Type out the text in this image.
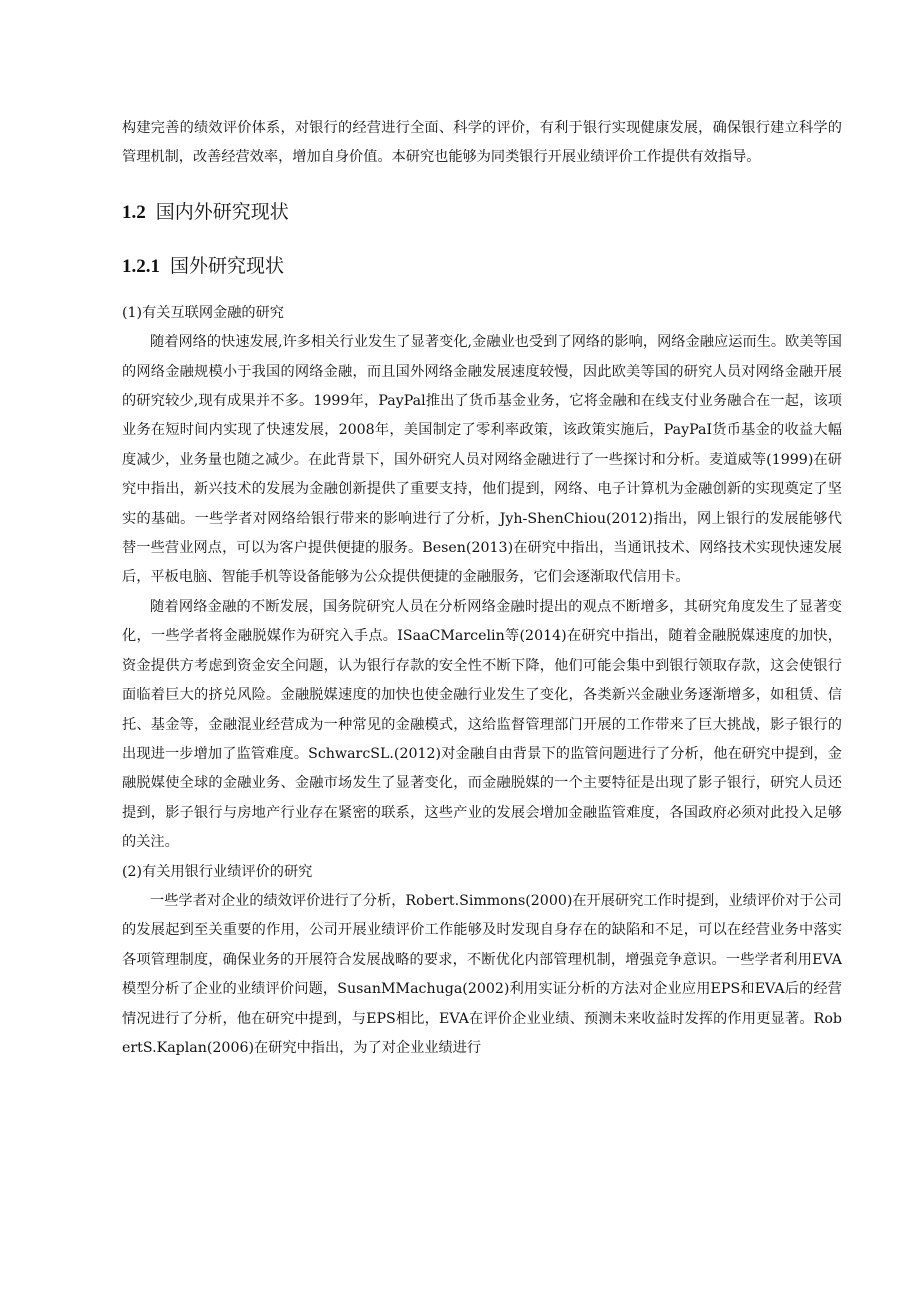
构建完善的绩效评价体系，对银行的经营进行全面、科学的评价，有利于银行实现健康发展，确保银行建立科学的管理机制，改善经营效率，增加自身价值。本研究也能够为同类银行开展业绩评价工作提供有效指导。

1.2 国内外研究现状
1.2.1 国外研究现状

(1)有关互联网金融的研究

随着网络的快速发展,许多相关行业发生了显著变化,金融业也受到了网络的影响，网络金融应运而生。欧美等国的网络金融规模小于我国的网络金融，而且国外网络金融发展速度较慢，因此欧美等国的研究人员对网络金融开展的研究较少,现有成果并不多。1999年，PayPal推出了货币基金业务，它将金融和在线支付业务融合在一起，该项业务在短时间内实现了快速发展，2008年，美国制定了零利率政策，该政策实施后，PayPaI货币基金的收益大幅度减少，业务量也随之减少。在此背景下，国外研究人员对网络金融进行了一些探讨和分析。麦道威等(1999)在研究中指出，新兴技术的发展为金融创新提供了重要支持，他们提到，网络、电子计算机为金融创新的实现奠定了坚实的基础。一些学者对网络给银行带来的影响进行了分析，Jyh-ShenChiou(2012)指出，网上银行的发展能够代替一些营业网点，可以为客户提供便捷的服务。Besen(2013)在研究中指出，当通讯技术、网络技术实现快速发展后，平板电脑、智能手机等设备能够为公众提供便捷的金融服务，它们会逐渐取代信用卡。

随着网络金融的不断发展，国务院研究人员在分析网络金融时提出的观点不断增多，其研究角度发生了显著变化，一些学者将金融脱媒作为研究入手点。ISaaCMarcelin等(2014)在研究中指出，随着金融脱媒速度的加快，资金提供方考虑到资金安全问题，认为银行存款的安全性不断下降，他们可能会集中到银行领取存款，这会使银行面临着巨大的挤兑风险。金融脱媒速度的加快也使金融行业发生了变化，各类新兴金融业务逐渐增多，如租赁、信托、基金等，金融混业经营成为一种常见的金融模式，这给监督管理部门开展的工作带来了巨大挑战，影子银行的出现进一步增加了监管难度。SchwarcSL.(2012)对金融自由背景下的监管问题进行了分析，他在研究中提到，金融脱媒使全球的金融业务、金融市场发生了显著变化，而金融脱媒的一个主要特征是出现了影子银行，研究人员还提到，影子银行与房地产行业存在紧密的联系，这些产业的发展会增加金融监管难度，各国政府必须对此投入足够的关注。

(2)有关用银行业绩评价的研究

一些学者对企业的绩效评价进行了分析，Robert.Simmons(2000)在开展研究工作时提到，业绩评价对于公司的发展起到至关重要的作用，公司开展业绩评价工作能够及时发现自身存在的缺陷和不足，可以在经营业务中落实各项管理制度，确保业务的开展符合发展战略的要求，不断优化内部管理机制，增强竞争意识。一些学者利用EVA模型分析了企业的业绩评价问题，SusanMMachuga(2002)利用实证分析的方法对企业应用EPS和EVA后的经营情况进行了分析，他在研究中提到，与EPS相比，EVA在评价企业业绩、预测未来收益时发挥的作用更显著。RobertS.Kaplan(2006)在研究中指出，为了对企业业绩进行
